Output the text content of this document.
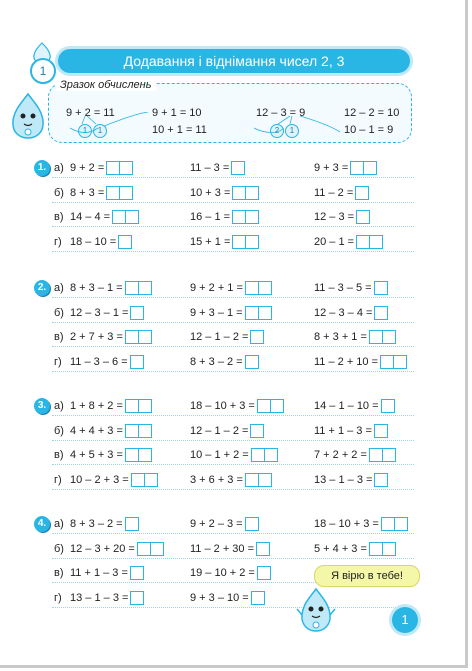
1
Додавання і віднімання чисел 2, 3
Зразок обчислень
9 + 2 = 11	9 + 1 = 10
10 + 1 = 11
1	1
12 – 3 = 9	12 – 2 = 10
10 – 1 = 9
2	1
1. а) 9 + 2 =	11 – 3 =	9 + 3 =
б) 8 + 3 =	10 + 3 =	11 – 2 =
в) 14 – 4 =	16 – 1 =	12 – 3 =
г) 18 – 10 =	15 + 1 =	20 – 1 =
2. а) 8 + 3 – 1 =	9 + 2 + 1 =	11 – 3 – 5 =
б) 12 – 3 – 1 =	9 + 3 – 1 =	12 – 3 – 4 =
в) 2 + 7 + 3 =	12 – 1 – 2 =	8 + 3 + 1 =
г) 11 – 3 – 6 =	8 + 3 – 2 =	11 – 2 + 10 =
3. а) 1 + 8 + 2 =	18 – 10 + 3 =	14 – 1 – 10 =
б) 4 + 4 + 3 =	12 – 1 – 2 =	11 + 1 – 3 =
в) 4 + 5 + 3 =	10 – 1 + 2 =	7 + 2 + 2 =
г) 10 – 2 + 3 =	3 + 6 + 3 =	13 – 1 – 3 =
4. а) 8 + 3 – 2 =	9 + 2 – 3 =	18 – 10 + 3 =
б) 12 – 3 + 20 =	11 – 2 + 30 =	5 + 4 + 3 =
в) 11 + 1 – 3 =	19 – 10 + 2 =
г) 13 – 1 – 3 =	9 + 3 – 10 =
Я вірю в тебе!
1
